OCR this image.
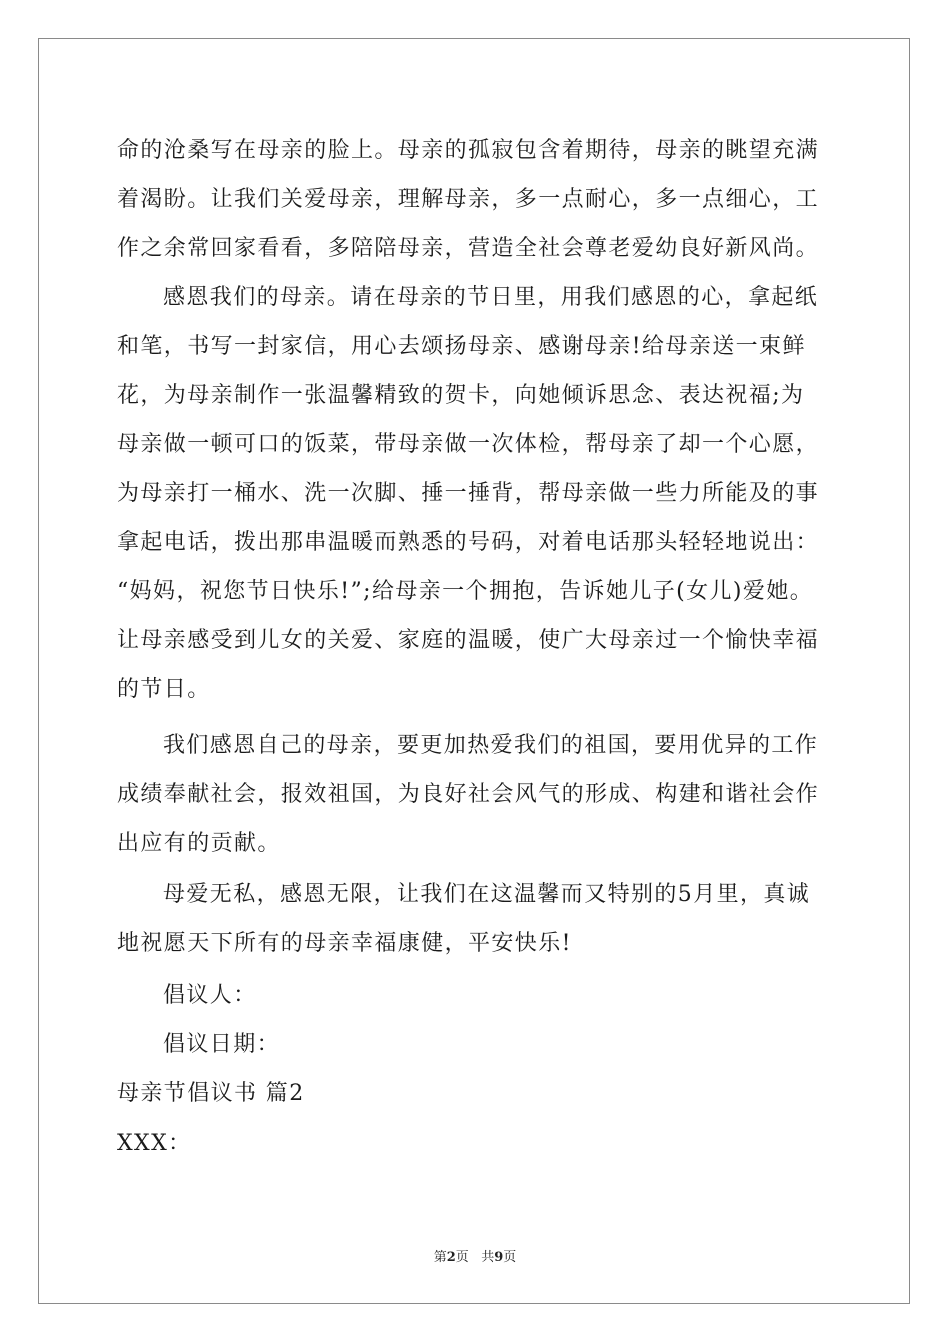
命的沧桑写在母亲的脸上。母亲的孤寂包含着期待，母亲的眺望充满
着渴盼。让我们关爱母亲，理解母亲，多一点耐心，多一点细心，工
作之余常回家看看，多陪陪母亲，营造全社会尊老爱幼良好新风尚。
感恩我们的母亲。请在母亲的节日里，用我们感恩的心，拿起纸
和笔，书写一封家信，用心去颂扬母亲、感谢母亲!给母亲送一束鲜
花，为母亲制作一张温馨精致的贺卡，向她倾诉思念、表达祝福;为
母亲做一顿可口的饭菜，带母亲做一次体检，帮母亲了却一个心愿，
为母亲打一桶水、洗一次脚、捶一捶背，帮母亲做一些力所能及的事
拿起电话，拨出那串温暖而熟悉的号码，对着电话那头轻轻地说出：
“妈妈，祝您节日快乐!”;给母亲一个拥抱，告诉她儿子(女儿)爱她。
让母亲感受到儿女的关爱、家庭的温暖，使广大母亲过一个愉快幸福
的节日。
我们感恩自己的母亲，要更加热爱我们的祖国，要用优异的工作
成绩奉献社会，报效祖国，为良好社会风气的形成、构建和谐社会作
出应有的贡献。
母爱无私，感恩无限，让我们在这温馨而又特别的5月里，真诚
地祝愿天下所有的母亲幸福康健，平安快乐!
倡议人：
倡议日期：
母亲节倡议书 篇2
XXX：
第2页 共9页
